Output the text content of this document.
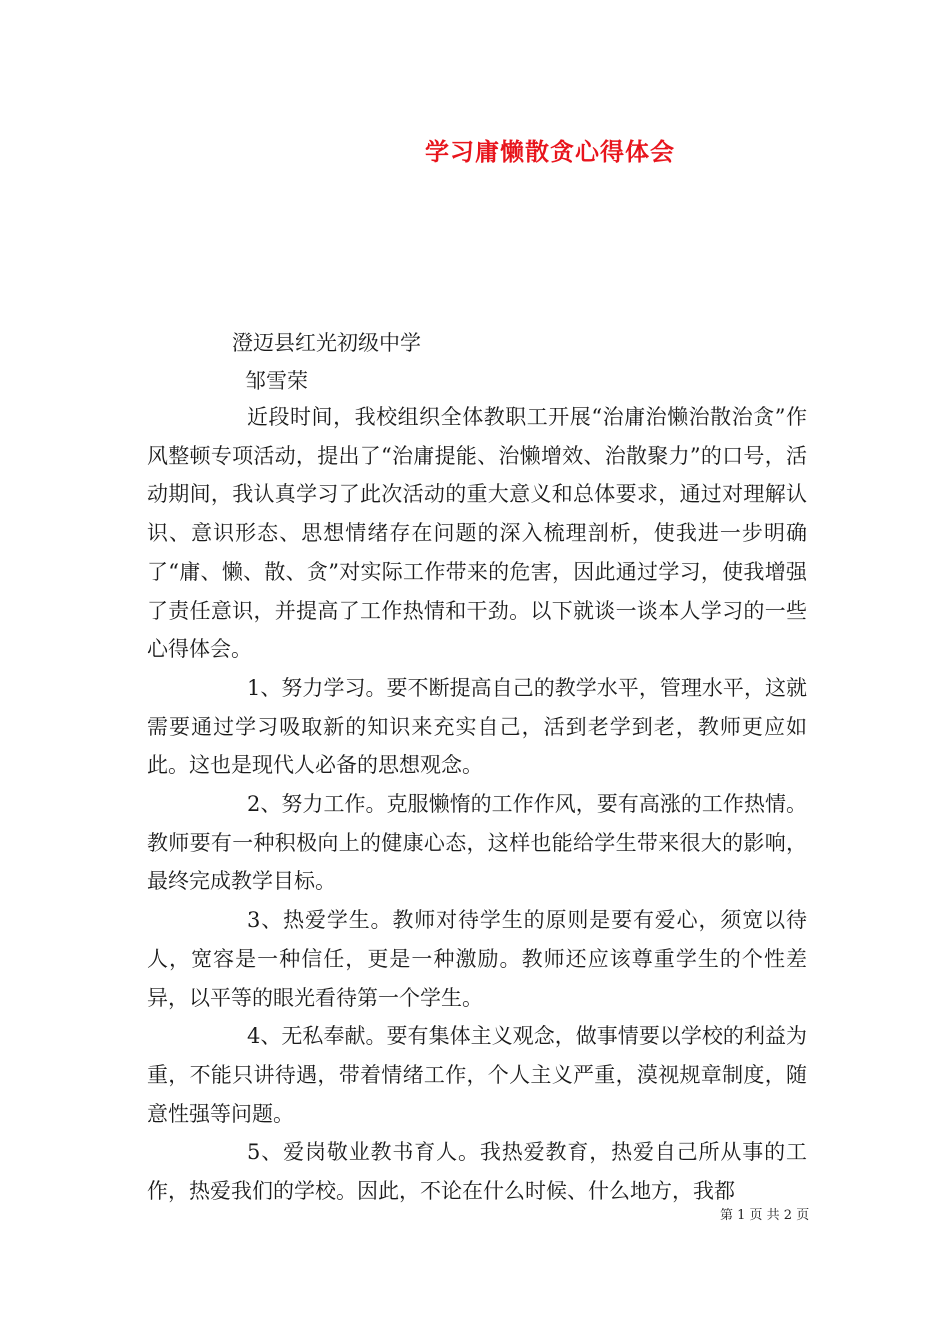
学习庸懒散贪心得体会
澄迈县红光初级中学
邹雪荣

近段时间，我校组织全体教职工开展“治庸治懒治散治贪”作风整顿专项活动，提出了“治庸提能、治懒增效、治散聚力”的口号，活动期间，我认真学习了此次活动的重大意义和总体要求，通过对理解认识、意识形态、思想情绪存在问题的深入梳理剖析，使我进一步明确了“庸、懒、散、贪”对实际工作带来的危害，因此通过学习，使我增强了责任意识，并提高了工作热情和干劲。以下就谈一谈本人学习的一些心得体会。

1、努力学习。要不断提高自己的教学水平，管理水平，这就需要通过学习吸取新的知识来充实自己，活到老学到老，教师更应如此。这也是现代人必备的思想观念。

2、努力工作。克服懒惰的工作作风，要有高涨的工作热情。教师要有一种积极向上的健康心态，这样也能给学生带来很大的影响，最终完成教学目标。

3、热爱学生。教师对待学生的原则是要有爱心，须宽以待人，宽容是一种信任，更是一种激励。教师还应该尊重学生的个性差异，以平等的眼光看待第一个学生。

4、无私奉献。要有集体主义观念，做事情要以学校的利益为重，不能只讲待遇，带着情绪工作，个人主义严重，漠视规章制度，随意性强等问题。

5、爱岗敬业教书育人。我热爱教育，热爱自己所从事的工作，热爱我们的学校。因此，不论在什么时候、什么地方，我都

第 1 页 共 2 页
